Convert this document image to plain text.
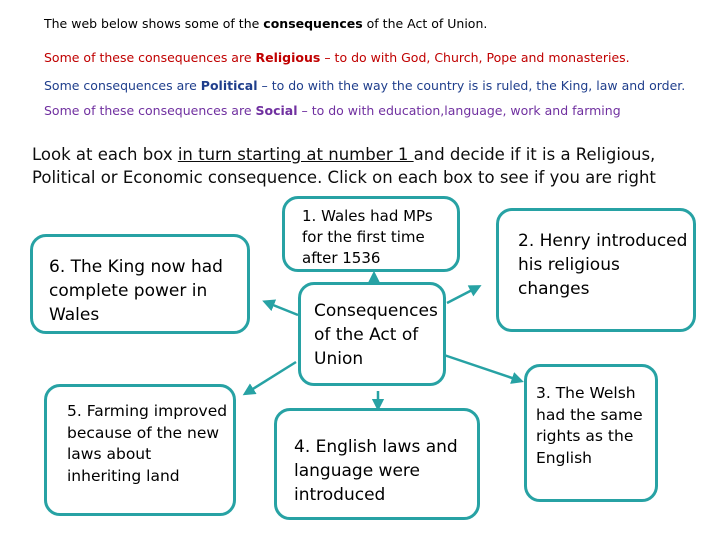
The web below shows some of the consequences of the Act of Union.
Some of these consequences are Religious – to do with God, Church, Pope and monasteries.
Some consequences are Political – to do with the way the country is is ruled, the King, law and order.
Some of these consequences are Social – to do with education,language, work and farming
Look at each box in turn starting at number 1 and decide if it is a Religious, Political or Economic consequence. Click on each box to see if you are right
6. The King now had complete power in Wales
1. Wales had MPs for the first time after 1536
2. Henry introduced his religious changes
Consequences of the Act of Union
5. Farming improved because of the new laws about inheriting land
4. English laws and language were introduced
3. The Welsh had the same rights as the English
